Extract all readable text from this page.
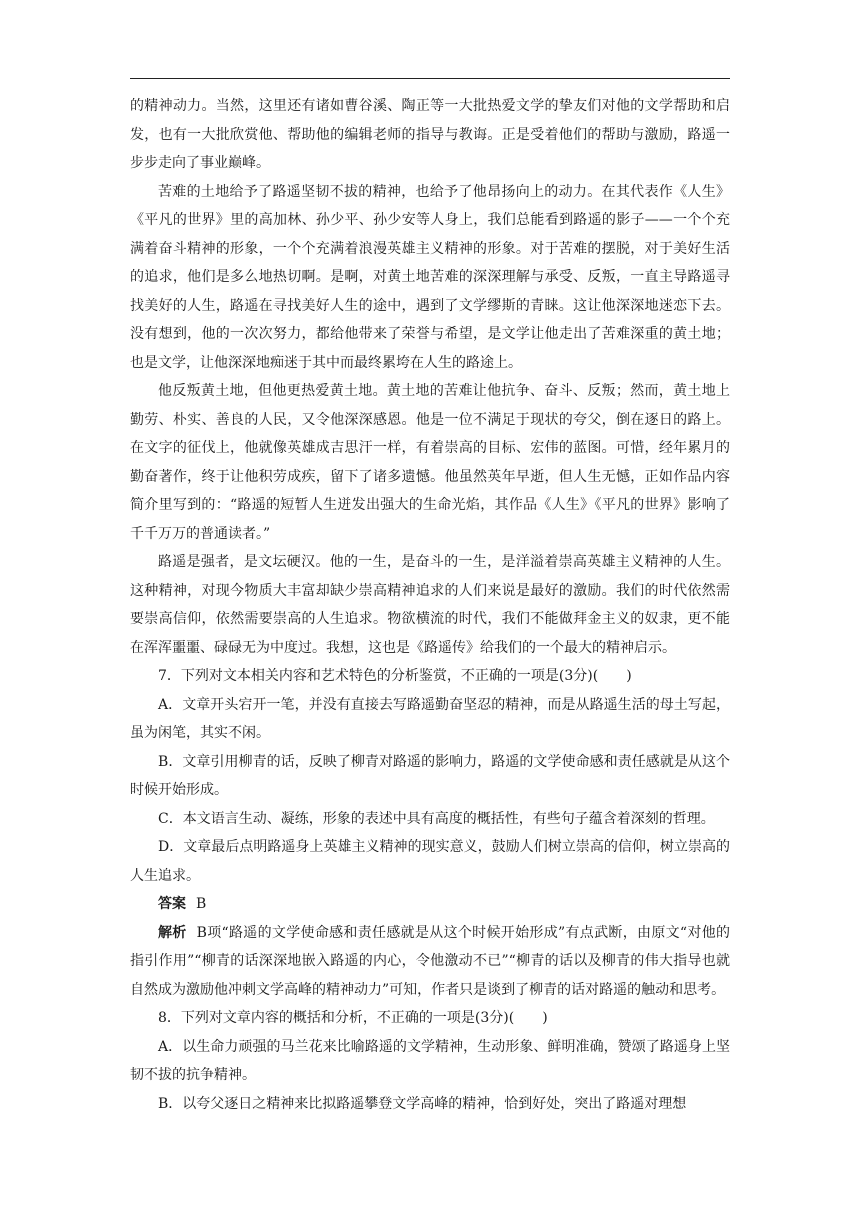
的精神动力。当然，这里还有诸如曹谷溪、陶正等一大批热爱文学的挚友们对他的文学帮助和启发，也有一大批欣赏他、帮助他的编辑老师的指导与教诲。正是受着他们的帮助与激励，路遥一步步走向了事业巅峰。

苦难的土地给予了路遥坚韧不拔的精神，也给予了他昂扬向上的动力。在其代表作《人生》《平凡的世界》里的高加林、孙少平、孙少安等人身上，我们总能看到路遥的影子——一个个充满着奋斗精神的形象，一个个充满着浪漫英雄主义精神的形象。对于苦难的摆脱，对于美好生活的追求，他们是多么地热切啊。是啊，对黄土地苦难的深深理解与承受、反叛，一直主导路遥寻找美好的人生，路遥在寻找美好人生的途中，遇到了文学缪斯的青睐。这让他深深地迷恋下去。没有想到，他的一次次努力，都给他带来了荣誉与希望，是文学让他走出了苦难深重的黄土地；也是文学，让他深深地痴迷于其中而最终累垮在人生的路途上。

他反叛黄土地，但他更热爱黄土地。黄土地的苦难让他抗争、奋斗、反叛；然而，黄土地上勤劳、朴实、善良的人民，又令他深深感恩。他是一位不满足于现状的夸父，倒在逐日的路上。在文字的征伐上，他就像英雄成吉思汗一样，有着崇高的目标、宏伟的蓝图。可惜，经年累月的勤奋著作，终于让他积劳成疾，留下了诸多遗憾。他虽然英年早逝，但人生无憾，正如作品内容简介里写到的：“路遥的短暂人生迸发出强大的生命光焰，其作品《人生》《平凡的世界》影响了千千万万的普通读者。”

路遥是强者，是文坛硬汉。他的一生，是奋斗的一生，是洋溢着崇高英雄主义精神的人生。这种精神，对现今物质大丰富却缺少崇高精神追求的人们来说是最好的激励。我们的时代依然需要崇高信仰，依然需要崇高的人生追求。物欲横流的时代，我们不能做拜金主义的奴隶，更不能在浑浑噩噩、碌碌无为中度过。我想，这也是《路遥传》给我们的一个最大的精神启示。

7．下列对文本相关内容和艺术特色的分析鉴赏，不正确的一项是(3分)(　　)

A．文章开头宕开一笔，并没有直接去写路遥勤奋坚忍的精神，而是从路遥生活的母土写起，虽为闲笔，其实不闲。

B．文章引用柳青的话，反映了柳青对路遥的影响力，路遥的文学使命感和责任感就是从这个时候开始形成。

C．本文语言生动、凝练，形象的表述中具有高度的概括性，有些句子蕴含着深刻的哲理。

D．文章最后点明路遥身上英雄主义精神的现实意义，鼓励人们树立崇高的信仰，树立崇高的人生追求。

答案 B

解析 B项“路遥的文学使命感和责任感就是从这个时候开始形成”有点武断，由原文“对他的指引作用”“柳青的话深深地嵌入路遥的内心，令他激动不已”“柳青的话以及柳青的伟大指导也就自然成为激励他冲刺文学高峰的精神动力”可知，作者只是谈到了柳青的话对路遥的触动和思考。

8．下列对文章内容的概括和分析，不正确的一项是(3分)(　　)

A．以生命力顽强的马兰花来比喻路遥的文学精神，生动形象、鲜明准确，赞颂了路遥身上坚韧不拔的抗争精神。

B．以夸父逐日之精神来比拟路遥攀登文学高峰的精神，恰到好处，突出了路遥对理想
